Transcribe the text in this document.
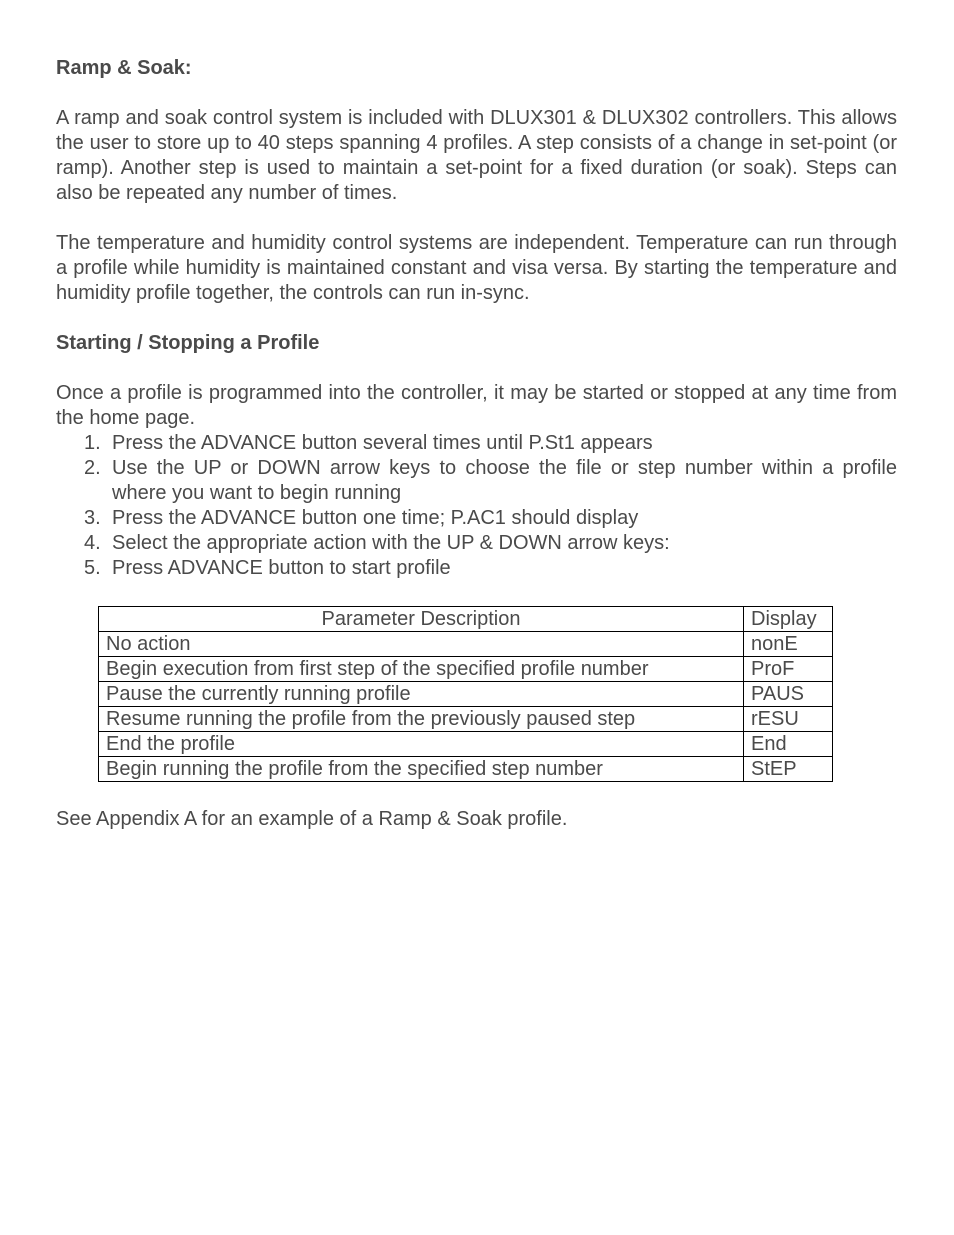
Ramp & Soak:

A ramp and soak control system is included with DLUX301 & DLUX302 controllers. This allows the user to store up to 40 steps spanning 4 profiles. A step consists of a change in set-point (or ramp). Another step is used to maintain a set-point for a fixed duration (or soak). Steps can also be repeated any number of times.

The temperature and humidity control systems are independent. Temperature can run through a profile while humidity is maintained constant and visa versa. By starting the temperature and humidity profile together, the controls can run in-sync.

Starting / Stopping a Profile

Once a profile is programmed into the controller, it may be started or stopped at any time from the home page.

1. Press the ADVANCE button several times until P.St1 appears
2. Use the UP or DOWN arrow keys to choose the file or step number within a profile where you want to begin running
3. Press the ADVANCE button one time; P.AC1 should display
4. Select the appropriate action with the UP & DOWN arrow keys:
5. Press ADVANCE button to start profile
Parameter Description	Display
No action	nonE
Begin execution from first step of the specified profile number	ProF
Pause the currently running profile	PAUS
Resume running the profile from the previously paused step	rESU
End the profile	End
Begin running the profile from the specified step number	StEP

See Appendix A for an example of a Ramp & Soak profile.
